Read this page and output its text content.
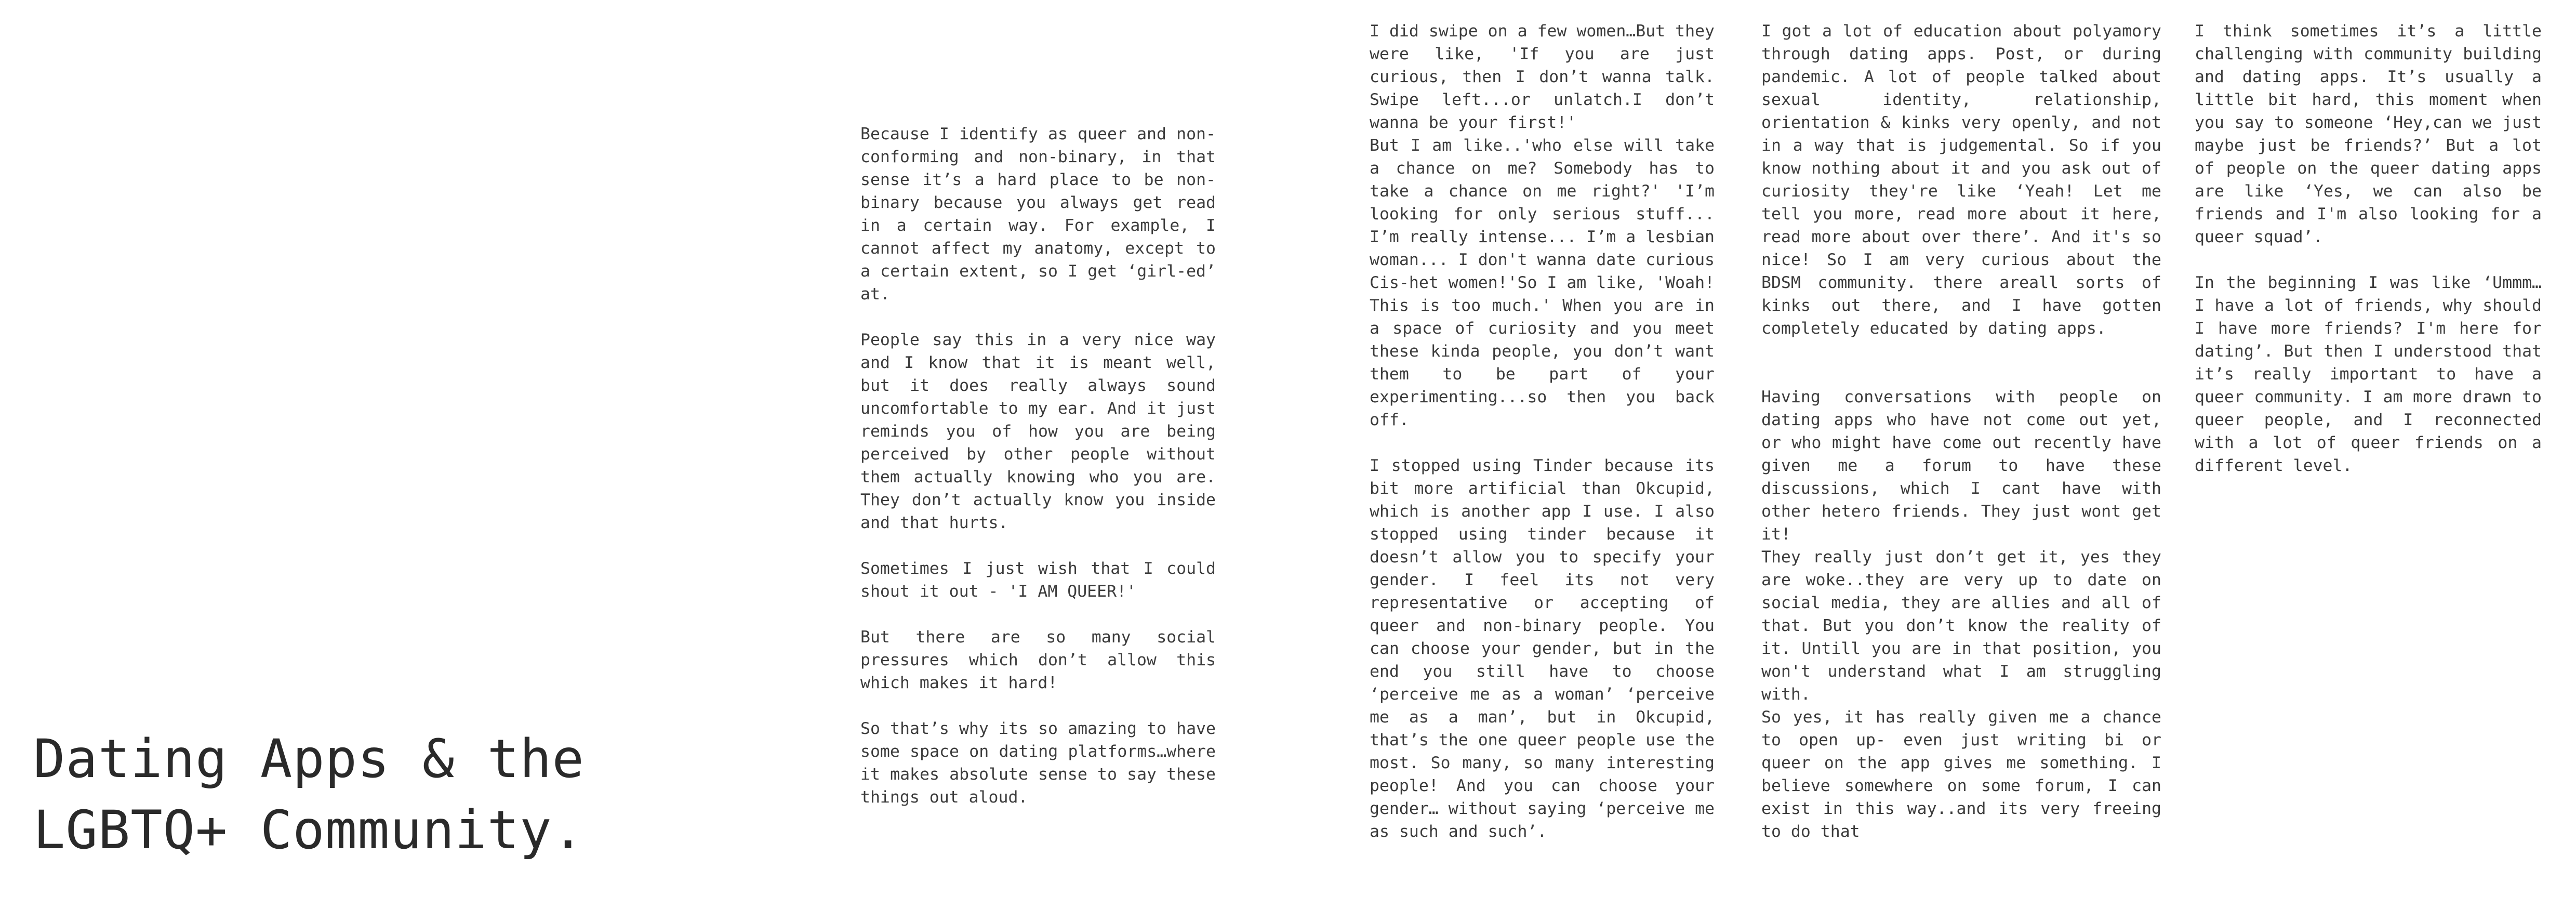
Dating Apps & the
LGBTQ+ Community.

Because I identify as queer and non-conforming and non-binary, in that sense it’s a hard place to be non-binary because you always get read in a certain way. For example, I cannot affect my anatomy, except to a certain extent, so I get ‘girl-ed’ at.

People say this in a very nice way and I know that it is meant well, but it does really always sound uncomfortable to my ear. And it just reminds you of how you are being perceived by other people without them actually knowing who you are. They don’t actually know you inside and that hurts.

Sometimes I just wish that I could shout it out - 'I AM QUEER!'

But there are so many social pressures which don’t allow this which makes it hard!

So that’s why its so amazing to have some space on dating platforms…where it makes absolute sense to say these things out aloud.

I did swipe on a few women…But they were like, 'If you are just curious, then I don’t wanna talk. Swipe left...or unlatch.I don’t wanna be your first!'

But I am like..'who else will take a chance on me? Somebody has to take a chance on me right?' 'I’m looking for only serious stuff... I’m really intense... I’m a lesbian woman... I don't wanna date curious Cis-het women!'So I am like, 'Woah! This is too much.' When you are in a space of curiosity and you meet these kinda people, you don’t want them to be part of your experimenting...so then you back off.

I stopped using Tinder because its bit more artificial than Okcupid, which is another app I use. I also stopped using tinder because it doesn’t allow you to specify your gender. I feel its not very representative or accepting of queer and non-binary people. You can choose your gender, but in the end you still have to choose ‘perceive me as a woman’ ‘perceive me as a man’, but in Okcupid, that’s the one queer people use the most. So many, so many interesting people! And you can choose your gender… without saying ‘perceive me as such and such’.

I got a lot of education about polyamory through dating apps. Post, or during pandemic. A lot of people talked about sexual identity, relationship, orientation & kinks very openly, and not in a way that is judgemental. So if you know nothing about it and you ask out of curiosity they're like ‘Yeah! Let me tell you more, read more about it here, read more about over there’. And it's so nice! So I am very curious about the BDSM community. there areall sorts of kinks out there, and I have gotten completely educated by dating apps.

Having conversations with people on dating apps who have not come out yet, or who might have come out recently have given me a forum to have these discussions, which I cant have with other hetero friends. They just wont get it!

They really just don’t get it, yes they are woke..they are very up to date on social media, they are allies and all of that. But you don’t know the reality of it. Untill you are in that position, you won't understand what I am struggling with.

So yes, it has really given me a chance to open up- even just writing bi or queer on the app gives me something. I believe somewhere on some forum, I can exist in this way..and its very freeing to do that

I think sometimes it’s a little challenging with community building and dating apps. It’s usually a little bit hard, this moment when you say to someone ‘Hey,can we just maybe just be friends?’ But a lot of people on the queer dating apps are like ‘Yes, we can also be friends and I'm also looking for a queer squad’.

In the beginning I was like ‘Ummm… I have a lot of friends, why should I have more friends? I'm here for dating’. But then I understood that it’s really important to have a queer community. I am more drawn to queer people, and I reconnected with a lot of queer friends on a different level.
